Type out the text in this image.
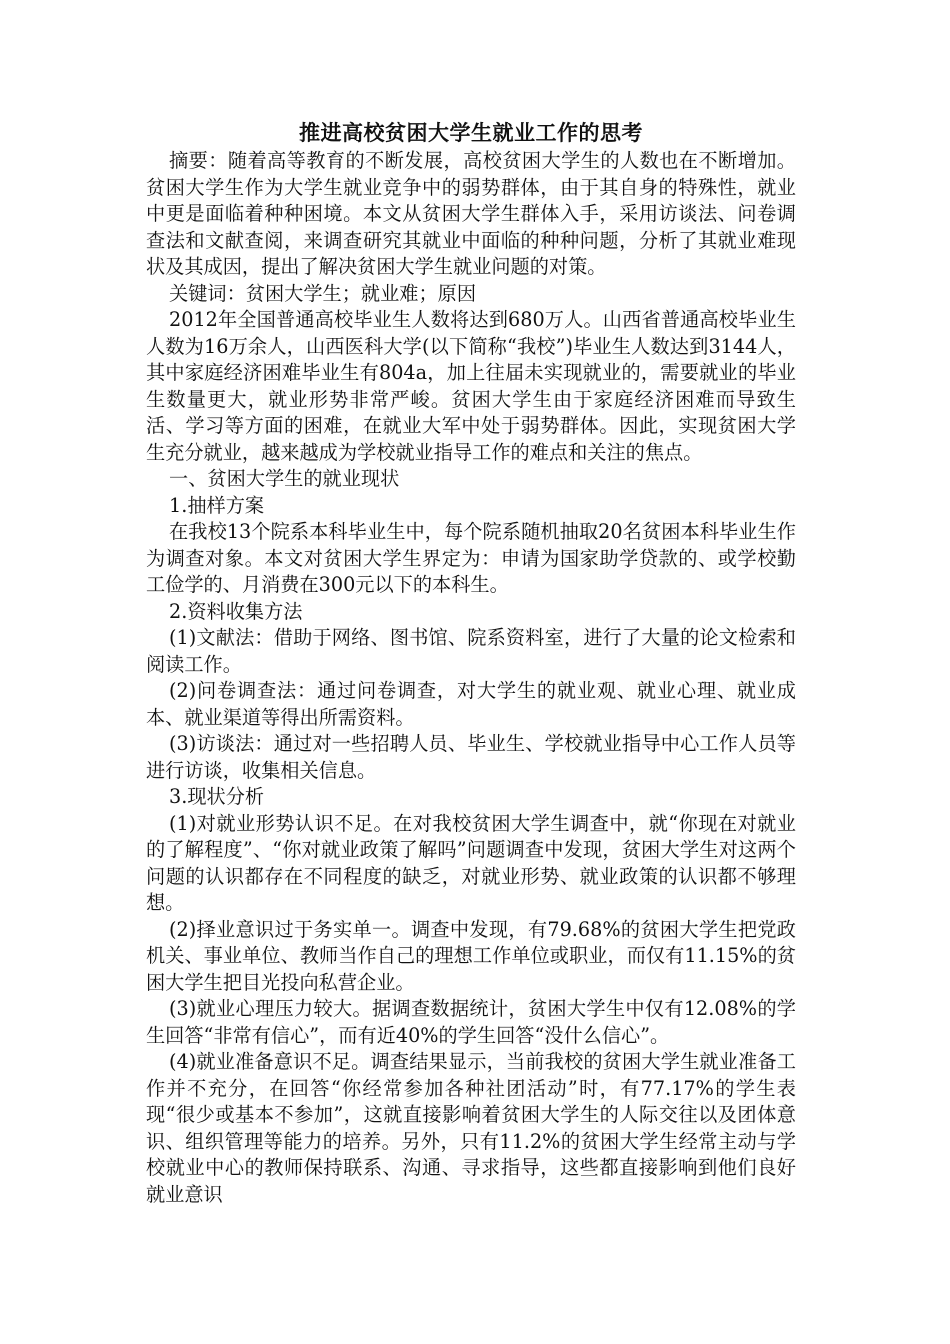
推进高校贫困大学生就业工作的思考

摘要：随着高等教育的不断发展，高校贫困大学生的人数也在不断增加。贫困大学生作为大学生就业竞争中的弱势群体，由于其自身的特殊性，就业中更是面临着种种困境。本文从贫困大学生群体入手，采用访谈法、问卷调查法和文献查阅，来调查研究其就业中面临的种种问题，分析了其就业难现状及其成因，提出了解决贫困大学生就业问题的对策。

关键词：贫困大学生；就业难；原因

2012年全国普通高校毕业生人数将达到680万人。山西省普通高校毕业生人数为16万余人，山西医科大学(以下简称“我校”)毕业生人数达到3144人，其中家庭经济困难毕业生有804a，加上往届未实现就业的，需要就业的毕业生数量更大，就业形势非常严峻。贫困大学生由于家庭经济困难而导致生活、学习等方面的困难，在就业大军中处于弱势群体。因此，实现贫困大学生充分就业，越来越成为学校就业指导工作的难点和关注的焦点。

一、贫困大学生的就业现状

1.抽样方案

在我校13个院系本科毕业生中，每个院系随机抽取20名贫困本科毕业生作为调查对象。本文对贫困大学生界定为：申请为国家助学贷款的、或学校勤工俭学的、月消费在300元以下的本科生。

2.资料收集方法

(1)文献法：借助于网络、图书馆、院系资料室，进行了大量的论文检索和阅读工作。

(2)问卷调查法：通过问卷调查，对大学生的就业观、就业心理、就业成本、就业渠道等得出所需资料。

(3)访谈法：通过对一些招聘人员、毕业生、学校就业指导中心工作人员等进行访谈，收集相关信息。

3.现状分析

(1)对就业形势认识不足。在对我校贫困大学生调查中，就“你现在对就业的了解程度”、“你对就业政策了解吗”问题调查中发现，贫困大学生对这两个问题的认识都存在不同程度的缺乏，对就业形势、就业政策的认识都不够理想。

(2)择业意识过于务实单一。调查中发现，有79.68%的贫困大学生把党政机关、事业单位、教师当作自己的理想工作单位或职业，而仅有11.15%的贫困大学生把目光投向私营企业。

(3)就业心理压力较大。据调查数据统计，贫困大学生中仅有12.08%的学生回答“非常有信心”，而有近40%的学生回答“没什么信心”。

(4)就业准备意识不足。调查结果显示，当前我校的贫困大学生就业准备工作并不充分，在回答“你经常参加各种社团活动”时，有77.17%的学生表现“很少或基本不参加”，这就直接影响着贫困大学生的人际交往以及团体意识、组织管理等能力的培养。另外，只有11.2%的贫困大学生经常主动与学校就业中心的教师保持联系、沟通、寻求指导，这些都直接影响到他们良好就业意识
